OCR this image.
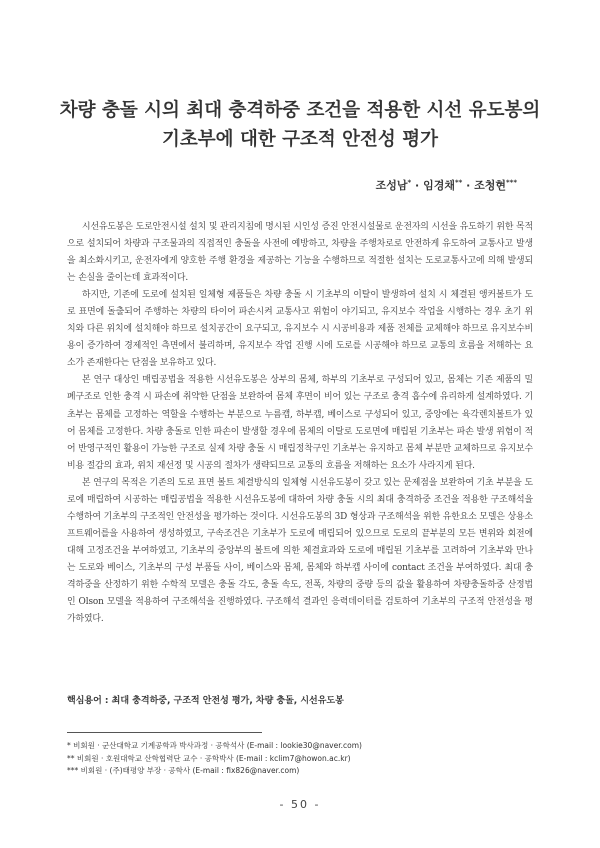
차량 충돌 시의 최대 충격하중 조건을 적용한 시선 유도봉의
기초부에 대한 구조적 안전성 평가
조성남* · 임경채** · 조청현***

시선유도봉은 도로안전시설 설치 및 관리지침에 명시된 시인성 증진 안전시설물로 운전자의 시선을 유도하기 위한 목적으로 설치되어 차량과 구조물과의 직접적인 충돌을 사전에 예방하고, 차량을 주행차로로 안전하게 유도하여 교통사고 발생을 최소화시키고, 운전자에게 양호한 주행 환경을 제공하는 기능을 수행하므로 적절한 설치는 도로교통사고에 의해 발생되는 손실을 줄이는데 효과적이다.

하지만, 기존에 도로에 설치된 일체형 제품들은 차량 충돌 시 기초부의 이탈이 발생하여 설치 시 체결된 앵커볼트가 도로 표면에 돌출되어 주행하는 차량의 타이어 파손시켜 교통사고 위험이 야기되고, 유지보수 작업을 시행하는 경우 초기 위치와 다른 위치에 설치해야 하므로 설치공간이 요구되고, 유지보수 시 시공비용과 제품 전체를 교체해야 하므로 유지보수비용이 증가하여 경제적인 측면에서 불리하며, 유지보수 작업 진행 시에 도로를 시공해야 하므로 교통의 흐름을 저해하는 요소가 존재한다는 단점을 보유하고 있다.

본 연구 대상인 매립공법을 적용한 시선유도봉은 상부의 몸체, 하부의 기초부로 구성되어 있고, 몸체는 기존 제품의 밀폐구조로 인한 충격 시 파손에 취약한 단점을 보완하여 몸체 후면이 비어 있는 구조로 충격 흡수에 유리하게 설계하였다. 기초부는 몸체를 고정하는 역할을 수행하는 부분으로 누름캡, 하부캡, 베이스로 구성되어 있고, 중앙에는 육각렌치볼트가 있어 몸체를 고정한다. 차량 충돌로 인한 파손이 발생할 경우에 몸체의 이탈로 도로면에 매립된 기초부는 파손 발생 위험이 적어 반영구적인 활용이 가능한 구조로 실제 차량 충돌 시 매립정착구인 기초부는 유지하고 몸체 부분만 교체하므로 유지보수비용 절감의 효과, 위치 재선정 및 시공의 절차가 생략되므로 교통의 흐름을 저해하는 요소가 사라지게 된다.

본 연구의 목적은 기존의 도로 표면 볼트 체결방식의 일체형 시선유도봉이 갖고 있는 문제점을 보완하여 기초 부분을 도로에 매립하여 시공하는 매립공법을 적용한 시선유도봉에 대하여 차량 충돌 시의 최대 충격하중 조건을 적용한 구조해석을 수행하여 기초부의 구조적인 안전성을 평가하는 것이다. 시선유도봉의 3D 형상과 구조해석을 위한 유한요소 모델은 상용소프트웨어를을 사용하여 생성하였고, 구속조건은 기초부가 도로에 매립되어 있으므로 도로의 끝부분의 모든 변위와 회전에 대해 고정조건을 부여하였고, 기초부의 중앙부의 볼트에 의한 체결효과와 도로에 매립된 기초부를 고려하여 기초부와 만나는 도로와 베이스, 기초부의 구성 부품들 사이, 베이스와 몸체, 몸체와 하부캡 사이에 contact 조건을 부여하였다. 최대 충격하중을 산정하기 위한 수학적 모델은 충돌 각도, 충돌 속도, 전폭, 차량의 중량 등의 값을 활용하여 차량충돌하중 산정법인 Olson 모델을 적용하여 구조해석을 진행하였다. 구조해석 결과인 응력데이터를 검토하여 기초부의 구조적 안전성을 평가하였다.

핵심용어 : 최대 충격하중, 구조적 안전성 평가, 차량 충돌, 시선유도봉
* 비회원 · 군산대학교 기계공학과 박사과정 · 공학석사 (E-mail : lookie30@naver.com)
** 비회원 · 호원대학교 산학협력단 교수 · 공학박사 (E-mail : kclim7@howon.ac.kr)
*** 비회원 · (주)태평양 부장 · 공학사 (E-mail : fix826@naver.com)
- 50 -
